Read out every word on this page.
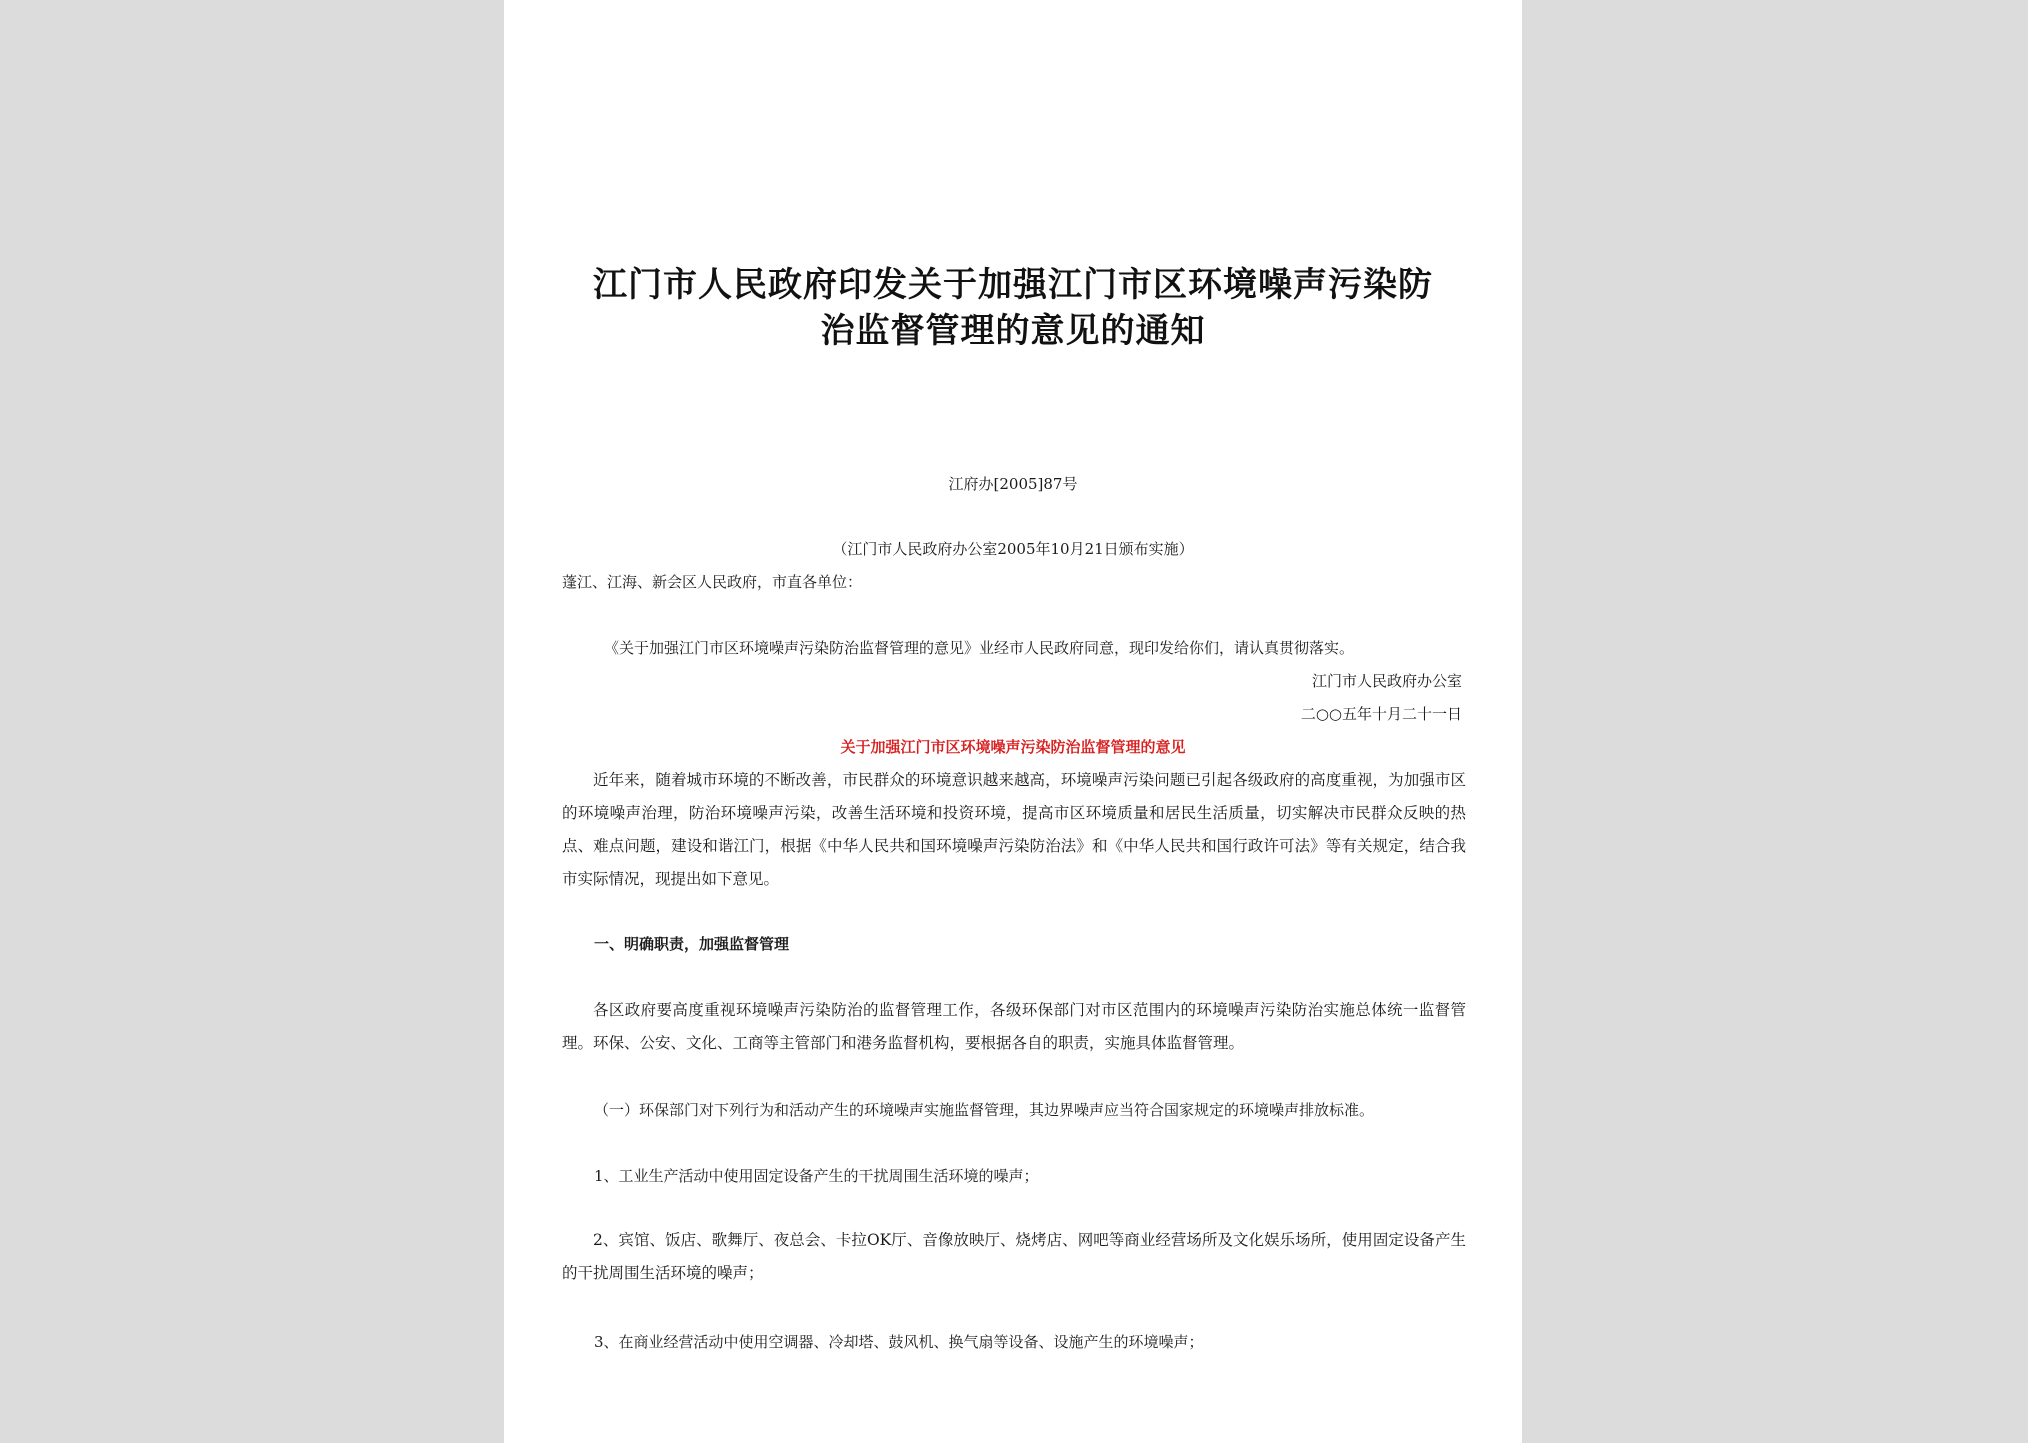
江门市人民政府印发关于加强江门市区环境噪声污染防
治监督管理的意见的通知

江府办[2005]87号

（江门市人民政府办公室2005年10月21日颁布实施）

蓬江、江海、新会区人民政府，市直各单位：

《关于加强江门市区环境噪声污染防治监督管理的意见》业经市人民政府同意，现印发给你们，请认真贯彻落实。

江门市人民政府办公室

二○○五年十月二十一日

关于加强江门市区环境噪声污染防治监督管理的意见

近年来，随着城市环境的不断改善，市民群众的环境意识越来越高，环境噪声污染问题已引起各级政府的高度重视，为加强市区的环境噪声治理，防治环境噪声污染，改善生活环境和投资环境，提高市区环境质量和居民生活质量，切实解决市民群众反映的热点、难点问题，建设和谐江门，根据《中华人民共和国环境噪声污染防治法》和《中华人民共和国行政许可法》等有关规定，结合我市实际情况，现提出如下意见。

一、明确职责，加强监督管理

各区政府要高度重视环境噪声污染防治的监督管理工作，各级环保部门对市区范围内的环境噪声污染防治实施总体统一监督管理。环保、公安、文化、工商等主管部门和港务监督机构，要根据各自的职责，实施具体监督管理。

（一）环保部门对下列行为和活动产生的环境噪声实施监督管理，其边界噪声应当符合国家规定的环境噪声排放标准。

1、工业生产活动中使用固定设备产生的干扰周围生活环境的噪声；

2、宾馆、饭店、歌舞厅、夜总会、卡拉OK厅、音像放映厅、烧烤店、网吧等商业经营场所及文化娱乐场所，使用固定设备产生的干扰周围生活环境的噪声；

3、在商业经营活动中使用空调器、冷却塔、鼓风机、换气扇等设备、设施产生的环境噪声；
